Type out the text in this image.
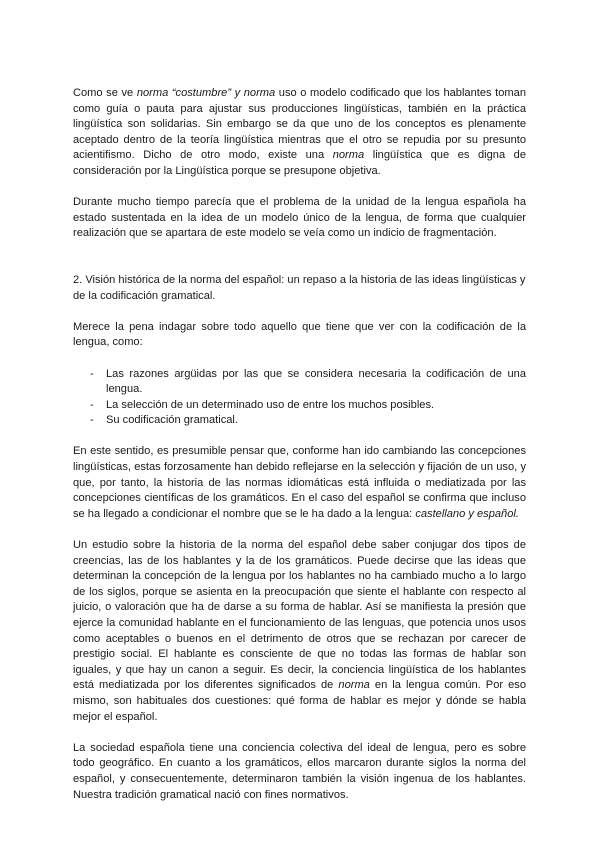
Como se ve norma “costumbre” y norma uso o modelo codificado que los hablantes toman como guía o pauta para ajustar sus producciones lingüísticas, también en la práctica lingüística son solidarias. Sin embargo se da que uno de los conceptos es plenamente aceptado dentro de la teoría lingüística mientras que el otro se repudia por su presunto acientifismo. Dicho de otro modo, existe una norma lingüística que es digna de consideración por la Lingüística porque se presupone objetiva.

Durante mucho tiempo parecía que el problema de la unidad de la lengua española ha estado sustentada en la idea de un modelo único de la lengua, de forma que cualquier realización que se apartara de este modelo se veía como un indicio de fragmentación.

2. Visión histórica de la norma del español: un repaso a la historia de las ideas lingüísticas y de la codificación gramatical.

Merece la pena indagar sobre todo aquello que tiene que ver con la codificación de la lengua, como:

- Las razones argüidas por las que se considera necesaria la codificación de una lengua.
- La selección de un determinado uso de entre los muchos posibles.
- Su codificación gramatical.

En este sentido, es presumible pensar que, conforme han ido cambiando las concepciones lingüísticas, estas forzosamente han debido reflejarse en la selección y fijación de un uso, y que, por tanto, la historia de las normas idiomáticas está influida o mediatizada por las concepciones científicas de los gramáticos. En el caso del español se confirma que incluso se ha llegado a condicionar el nombre que se le ha dado a la lengua: castellano y español.

Un estudio sobre la historia de la norma del español debe saber conjugar dos tipos de creencias, las de los hablantes y la de los gramáticos. Puede decirse que las ideas que determinan la concepción de la lengua por los hablantes no ha cambiado mucho a lo largo de los siglos, porque se asienta en la preocupación que siente el hablante con respecto al juicio, o valoración que ha de darse a su forma de hablar. Así se manifiesta la presión que ejerce la comunidad hablante en el funcionamiento de las lenguas, que potencia unos usos como aceptables o buenos en el detrimento de otros que se rechazan por carecer de prestigio social. El hablante es consciente de que no todas las formas de hablar son iguales, y que hay un canon a seguir. Es decir, la conciencia lingüística de los hablantes está mediatizada por los diferentes significados de norma en la lengua común. Por eso mismo, son habituales dos cuestiones: qué forma de hablar es mejor y dónde se habla mejor el español.

La sociedad española tiene una conciencia colectiva del ideal de lengua, pero es sobre todo geográfico. En cuanto a los gramáticos, ellos marcaron durante siglos la norma del español, y consecuentemente, determinaron también la visión ingenua de los hablantes. Nuestra tradición gramatical nació con fines normativos.
